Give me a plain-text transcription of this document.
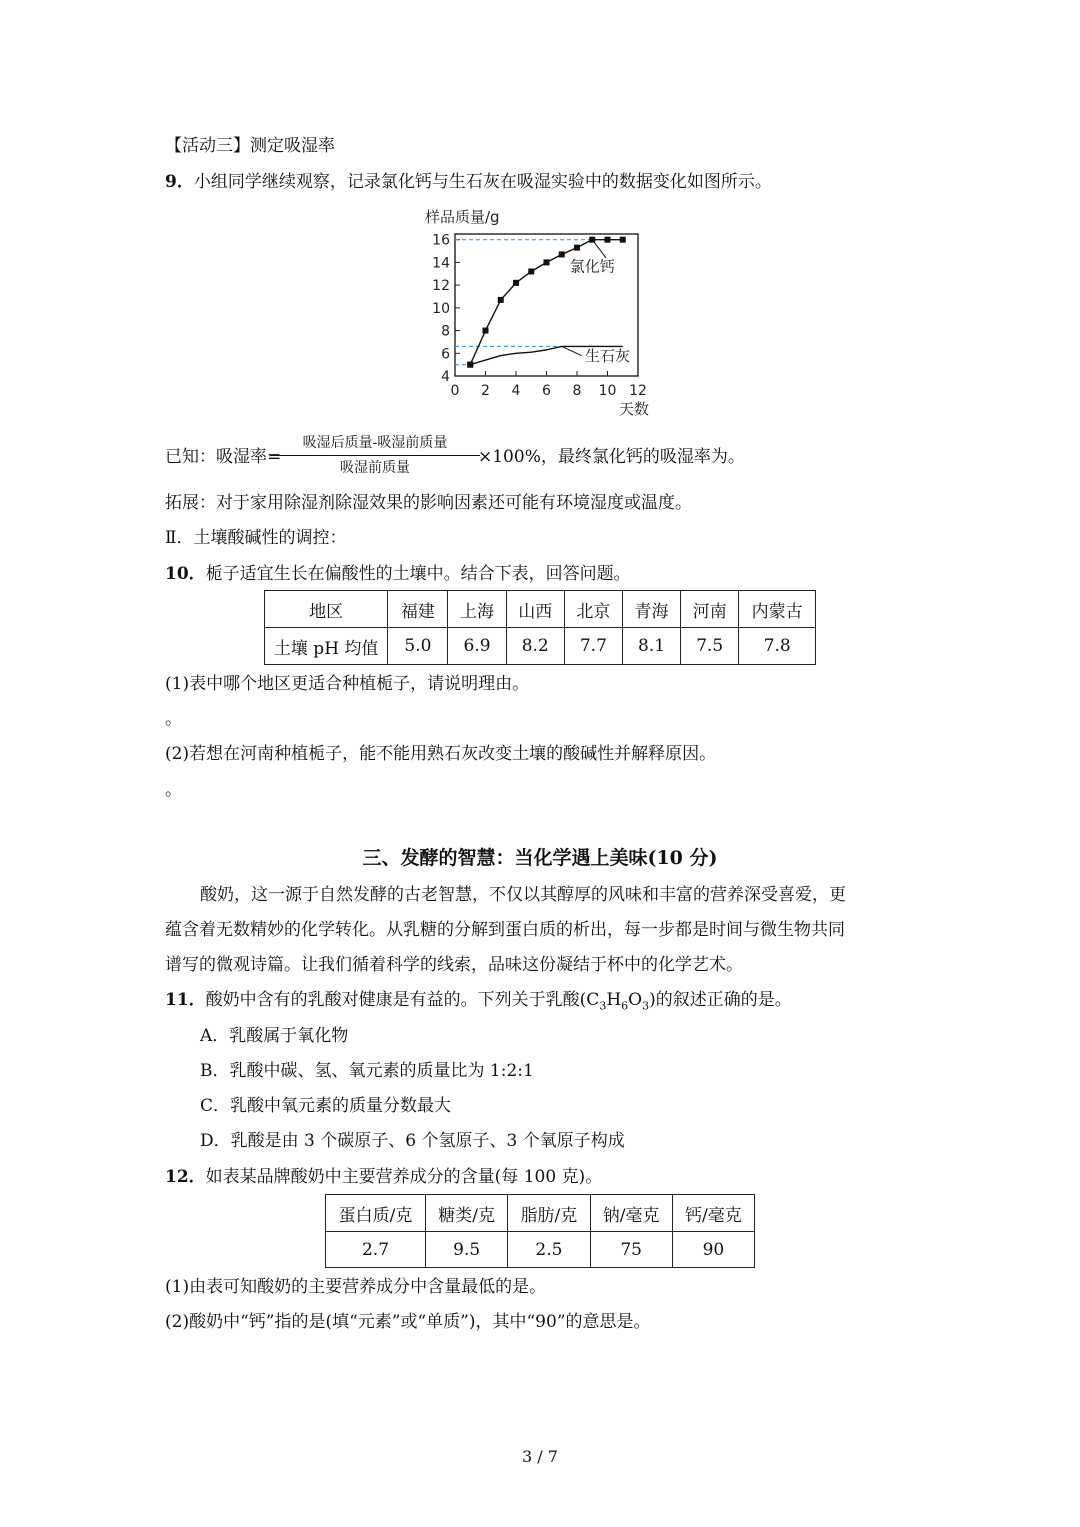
【活动三】测定吸湿率
9．小组同学继续观察，记录氯化钙与生石灰在吸湿实验中的数据变化如图所示。
样品质量/g
天数
4
6
8
10
12
14
16
0 2 4 6 8 10 12
氯化钙
生石灰
已知：吸湿率=
吸湿后质量-吸湿前质量
吸湿前质量
×100%，最终氯化钙的吸湿率为。
拓展：对于家用除湿剂除湿效果的影响因素还可能有环境湿度或温度。
Ⅱ．土壤酸碱性的调控：
10．栀子适宜生长在偏酸性的土壤中。结合下表，回答问题。
地区	福建	上海	山西	北京	青海	河南	内蒙古
土壤 pH 均值	5.0	6.9	8.2	7.7	8.1	7.5	7.8
(1)表中哪个地区更适合种植栀子，请说明理由。
。
(2)若想在河南种植栀子，能不能用熟石灰改变土壤的酸碱性并解释原因。
。
三、发酵的智慧：当化学遇上美味(10 分)
酸奶，这一源于自然发酵的古老智慧，不仅以其醇厚的风味和丰富的营养深受喜爱，更
蕴含着无数精妙的化学转化。从乳糖的分解到蛋白质的析出，每一步都是时间与微生物共同
谱写的微观诗篇。让我们循着科学的线索，品味这份凝结于杯中的化学艺术。
11．酸奶中含有的乳酸对健康是有益的。下列关于乳酸$(C_3H_6O_3)$的叙述正确的是。
A．乳酸属于氧化物
B．乳酸中碳、氢、氧元素的质量比为 1:2:1
C．乳酸中氧元素的质量分数最大
D．乳酸是由 3 个碳原子、6 个氢原子、3 个氧原子构成
12．如表某品牌酸奶中主要营养成分的含量(每 100 克)。
蛋白质/克	糖类/克	脂肪/克	钠/毫克	钙/毫克
2.7	9.5	2.5	75	90
(1)由表可知酸奶的主要营养成分中含量最低的是。
(2)酸奶中“钙”指的是(填“元素”或“单质”)，其中“90”的意思是。
3 / 7
